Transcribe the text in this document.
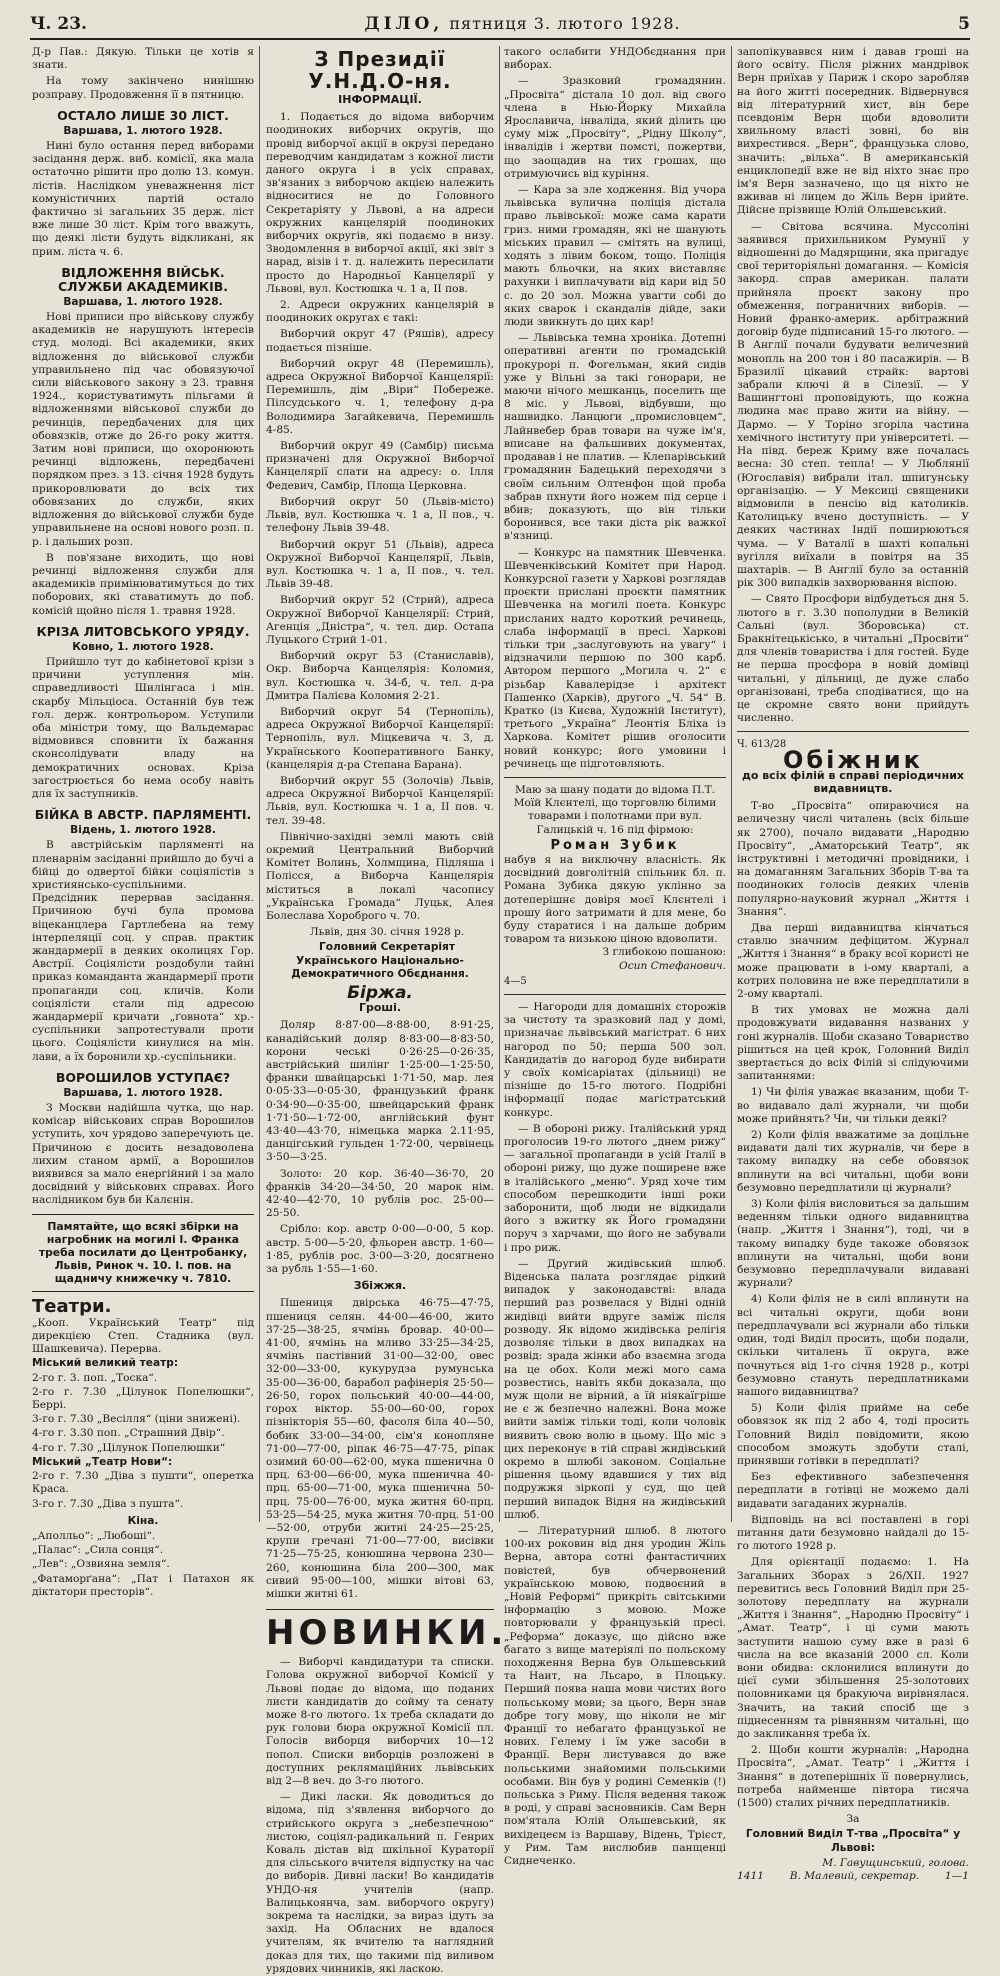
Ч. 23.	ДІЛО, пятниця 3. лютого 1928.	5

Д-р Пав.: Дякую. Тільки це хотів я знати.

На тому закінчено нинішню розправу. Продовження її в пятницю.

ОСТАЛО ЛИШЕ 30 ЛІСТ.
Варшава, 1. лютого 1928.

Нині було остання перед виборами засідання держ. виб. комісії, яка мала остаточно рішити про долю 13. комун. лістів. Наслідком уневажнення ліст комуністичних партій остало фактично зі загальних 35 держ. ліст вже лише 30 ліст. Крім того вважуть, що деякі лісти будуть відкликані, як прим. ліста ч. 6.

ВІДЛОЖЕННЯ ВІЙСЬК. СЛУЖБИ АКАДЕМИКІВ.
Варшава, 1. лютого 1928.

Нові приписи про військову службу академиків не нарушують інтересів студ. молоді. Всі академики, яких відложення до військової служби управильнено під час обовязуючої сили військового закону з 23. травня 1924., користуватимуть пільгами й відложеннями військової служби до речинців, передбачених для цих обовязків, отже до 26-го року життя. Затим нові приписи, що охоронюють речинці відложень, передбачені порядком през. з 13. січня 1928 будуть прикоровлювати до всіх тих обовязаних до служби, яких відложення до військової служби буде управильнене на основі нового розп. п. р. і дальших розп.

В пов'язане виходить, що нові речинці відложення служби для академиків примінюватимуться до тих поборових, які ставатимуть до поб. комісій щойно після 1. травня 1928.

КРІЗА ЛИТОВСЬКОГО УРЯДУ.
Ковно, 1. лютого 1928.

Прийшло тут до кабінетової крізи з причини уступлення мін. справедливості Шилінгаса і мін. скарбу Мільціоса. Останній був теж гол. держ. контрольором. Уступили оба міністри тому, що Вальдемарас відмовився сповнити їх бажання сконсолідувати владу на демократичних основах. Кріза загострюється бо нема особу навіть для їх заступників.

БІЙКА В АВСТР. ПАРЛЯМЕНТІ.
Відень, 1. лютого 1928.

В австрійськім парляменті на пленарнім засіданні прийшло до бучі а бійці до одвертої бійки соціялістів з християнсько-суспільними. Предсідник перервав засідання. Причиною бучі була промова віцеканцлера Гартлебена на тему інтерпеляції соц. у справ. практик жандармерії в деяких околицях Гор. Австрії. Соціялісти роздобули тайні приказ команданта жандармерії проти пропаганди соц. кличів. Коли соціялісти стали під адресою жандармерії кричати „ґовнота“ хр.-суспільники запротестували проти цього. Соціялісти кинулися на мін. лави, а їх боронили хр.-суспільники.

ВОРОШИЛОВ УСТУПАЄ?
Варшава, 1. лютого 1928.

З Москви надійшла чутка, що нар. комісар військових справ Ворошилов уступить, хоч урядово заперечують це. Причиною є досить незадоволена лихим станом армії, а Ворошилов виявився за мало енергійний і за мало досвідний у військових справах. Його наслідником був би Калєнін.

Памятайте, що всякі збірки на нагробник на могилі І. Франка треба посилати до Центробанку, Львів, Ринок ч. 10. І. пов. на щадничу книжечку ч. 7810.
Театри.
„Кооп. Український Театр“ під дирекцією Степ. Стадника (вул. Шашкевича). Перерва.
Міський великий театр:
2-го г. 3. поп. „Тоска“.
2-го г. 7.30 „Цілунок Попелюшки“, Беррі.
3-го г. 7.30 „Весілля“ (ціни знижені).
4-го г. 3.30 поп. „Страшний Двір“.
4-го г. 7.30 „Цілунок Попелюшки“
Міський „Театр Нови“:
2-го г. 7.30 „Діва з пушти“, оперетка Краса.
3-го г. 7.30 „Діва з пушта“.
Кіна.
„Аполльо“: „Любоші“.
„Палас“: „Сила сонця“.
„Лев“: „Озвияна земля“.
„Фатаморґана“: „Пат і Патахон як діктатори престорів“.
З Президії У.Н.Д.О-ня.
ІНФОРМАЦІЇ.

1. Подається до відома виборчим поодиноких виборчих округів, що провід виборчої акції в окрузі передано переводчим кандидатам з кожної листи даного округа і в усіх справах, зв'язаних з виборчою акцією належить відноситися не до Головного Секретаріяту у Львові, а на адреси окружних канцелярій поодиноких виборчих округів, які подаємо в низу. Зводомлення в виборчої акції, які звіт з нарад, візів і т. д. належить пересилати просто до Народньої Канцелярії у Львові, вул. Костюшка ч. 1 а, ІІ пов.

2. Адреси окружних канцелярій в поодиноких округах є такі:

Виборчий округ 47 (Ряшів), адресу подається пізніше.

Виборчий округ 48 (Перемишль), адреса Окружної Виборчої Канцелярії: Перемишль, дім „Віри“ Побереже. Пілсудського ч. 1, телефону д-ра Володимира Загайкевича, Перемишль 4-85.

Виборчий округ 49 (Самбір) письма призначені для Окружної Виборчої Канцелярії слати на адресу: о. Ілля Федевич, Самбір, Площа Церковна.

Виборчий округ 50 (Львів-місто) Львів, вул. Костюшка ч. 1 а, ІІ пов., ч. телефону Львів 39-48.

Виборчий округ 51 (Львів), адреса Окружної Виборчої Канцелярії, Львів, вул. Костюшка ч. 1 а, ІІ пов., ч. тел. Львів 39-48.

Виборчий округ 52 (Стрий), адреса Окружної Виборчої Канцелярії: Стрий, Агенція „Дністра“, ч. тел. дир. Остапа Луцького Стрий 1-01.

Виборчий округ 53 (Станиславів), Окр. Виборча Канцелярія: Коломия, вул. Костюшка ч. 34-б, ч. тел. д-ра Дмитра Палієва Коломия 2-21.

Виборчий округ 54 (Тернопіль), адреса Окружної Виборчої Канцелярії: Тернопіль, вул. Міцкевича ч. 3, д. Українського Кооперативного Банку, (канцелярія д-ра Степана Барана).

Виборчий округ 55 (Золочів) Львів, адреса Окружної Виборчої Канцелярії: Львів, вул. Костюшка ч. 1 а, ІІ пов. ч. тел. 39-48.

Північно-західні землі мають свій окремий Центральний Виборчий Комітет Волинь, Холмщина, Підляша і Полісся, а Виборча Канцелярія міститься в локалі часопису „Українська Громада“ Луцьк, Алея Болеслава Хороброго ч. 70.

Львів, дня 30. січня 1928 р.

Головний Секретаріят Українського Національно-Демократичного Обєднання.

Біржа.
Гроші.

Доляр 8·87·00—8·88·00, 8·91·25, канадійський доляр 8·83·00—8·83·50, корони чеські 0·26·25—0·26·35, австрійський шилінг 1·25·00—1·25·50, франки швайцарські 1·71·50, мар. лея 0·05·33—0·05·30, французький франк 0·34·90—0·35·00, швейцарський франк 1·71·50—1·72·00, англійський фунт 43·40—43·70, німецька марка 2.11·95, данцігський гульден 1·72·00, червінець 3·50—3·25.

Золото: 20 кор. 36·40—36·70, 20 франків 34·20—34·50, 20 марок нім. 42·40—42·70, 10 рублів рос. 25·00—25·50.

Срібло: кор. австр 0·00—0·00, 5 кор. австр. 5·00—5·20, фльорен австр. 1·60—1·85, рублів рос. 3·00—3·20, досягнено за рубль 1·55—1·60.

Збіжжя.

Пшениця двірська 46·75—47·75, пшениця селян. 44·00—46·00, жито 37·25—38·25, ячмінь бровар. 40·00—41·00, ячмінь на мливо 33·25—34·25, ячмінь пастівний 31·00—32·00, овес 32·00—33·00, кукурудза румунська 35·00—36·00, барабол рафінерія 25·50—26·50, горох польський 40·00—44·00, горох віктор. 55·00—60·00, горох пізнікторія 55—60, фасоля біла 40—50, бобик 33·00—34·00, сім'я конопляне 71·00—77·00, ріпак 46·75—47·75, ріпак озимий 60·00—62·00, мука пшенична 0 прц. 63·00—66·00, мука пшенична 40-прц. 65·00—71·00, мука пшенична 50-прц. 75·00—76·00, мука житня 60-прц. 53·25—54·25, мука житня 70-прц. 51·00—52·00, отруби житні 24·25—25·25, крупи гречані 71·00—77·00, висівки 71·25—75·25, конюшина червона 230—260, конюшина біла 200—300, мак сивий 95·00—100, мішки вітові 63, мішки житні 61.

НОВИНКИ.

— Виборчі кандидатури та списки. Голова окружної виборчої Комісії у Львові подає до відома, що поданих листи кандидатів до сойму та сенату може 8-го лютого. 1х треба складати до рук голови бюра окружної Комісії пл. Голосів виборця виборчих 10—12 попол. Списки виборців розложені в доступних реклямаційних львівських від 2—8 веч. до 3-го лютого.

— Дикі ласки. Як доводиться до відома, під з'явлення виборчого до стрийського округа з „небезпечною“ листою, соціял-радикальний п. Генрих Коваль дістав від шкільної Кураторії для сільського вчителя відпустку на час до виборів. Дивні ласки! Во кандидатів УНДО-ня учителів (напр. Валицькоянча, зам. виборчого округу) зокрема та наслідки, за вираз ідуть за захід. На Обласних не вдалося учителям, як вчителю та наглядний доказ для тих, що такими під виливом урядових чинників, які ласкою.

такого ослабити УНДОбєднання при виборах.

— Зразковий громадянин. „Просвіта“ дістала 10 дол. від свого члена в Нью-Йорку Михайла Ярославича, інваліда, який ділить цю суму між „Просвіту“, „Рідну Школу“, інвалідів і жертви помсті, пожертви, що заощадив на тих грошах, що отримуючись від куріння.

— Кара за зле ходження. Від учора львівська вулична поліція дістала право львівської: може сама карати гриз. ними громадян, які не шанують міських правил — смітять на вулиці, ходять з лівим боком, тощо. Поліція мають бльочки, на яких виставляє рахунки і виплачувати від кари від 50 с. до 20 зол. Можна увагти собі до яких сварок і скандалів дійде, заки люди звикнуть до цих кар!

— Львівська темна хроніка. Дотепні оперативні агенти по громадській прокурорі п. Фогельман, який сидів уже у Вільні за такі гонорари, не маючи нічого мешканць, поселить ще 8 міс. у Львові, відбувши, що нашвидко. Ланцюги „промисловцем“, Лайнвебер брав товари на чуже ім'я, вписане на фальшивих документах, продавав і не платив. — Клепарівський громадянин Бадецький переходячи з своїм сильним Олтенфон щой проба забрав пхнути його ножем під серце і вбив; доказують, що він тільки боронився, все таки діста рік важкої в'язниці.

— Конкурс на памятник Шевченка. Шевченківський Комітет при Народ. Конкурсної газети у Харкові розглядав проєкти прислані проєкти памятник Шевченка на могилі поета. Конкурс присланих надто короткий речинець, слаба інформації в пресі. Харкові тільки три „заслуговують на увагу“ і відзначили першою по 300 карб. Автором першого „Могила ч. 2“ є різьбар Кавалерідзе і архітект Пашенко (Харків), другого „Ч. 54“ В. Кратко (із Києва, Художній Інститут), третього „Україна“ Леонтія Бліха із Харкова. Комітет рішив оголосити новий конкурс; його умовини і речинець ще підготовляють.

Маю за шану подати до відома П.Т. Моїй Клєнтелі, що торговлю білими товарами і полотнами при вул. Галицькій ч. 16 під фірмою:
Роман Зубик
набув я на виключну власність. Як досвідний довголітній спільник бл. п. Романа Зубика дякую уклінно за дотеперішнє довіря моєї Клєнтелі і прошу його затримати й для мене, бо буду старатися і на дальше добрим товаром та низькою ціною вдоволити.
З глибокою пошаною:
Осип Стефанович.
4—5

— Нагороди для домашніх сторожів за чистоту та зразковий лад у домі, призначає львівський магістрат. 6 них нагород по 50; перша 500 зол. Кандидатів до нагород буде вибирати у своїх комісаріатах (дільниці) не пізніше до 15-го лютого. Подрібні інформації подає магістратський конкурс.

— В обороні рижу. Італійський уряд проголосив 19-го лютого „днем рижу“ — загальної пропаганди в усій Італії в обороні рижу, що дуже поширене вже в італійського „меню“. Уряд хоче тим способом перешкодити інші роки заборонити, щоб люди не відкидали його з вжитку як Його громадяни поруч з харчами, що його не забували і про риж.

— Другий жидівський шлюб. Віденська палата розглядає рідкий випадок у законодавстві: влада перший раз розвелася у Відні одній жидівці вийти вдруге заміж після розводу. Як відомо жидівська релігія дозволяє тільки в двох випадках на розвід: зрада жінки або взаємна згода на це обох. Коли межі мого сама розвестись, навіть якби доказала, що муж щоли не вірний, а їй ніякаїгріше не є ж безпечно належні. Вона може вийти заміж тільки тоді, коли чоловік виявить свою волю в цьому. Що міс з цих переконує в тій справі жидівський окремо в шлюбі законом. Соціальне рішення цьому вдавшися у тих від подружжя зіркопі у суд, що цей перший випадок Відня на жидівський шлюб.

— Літературний шлюб. 8 лютого 100-их роковин від дня уродин Жіль Верна, автора сотні фантастичних повістей, був обчервонений українською мовою, подвоєний в „Новій Реформі“ прикріть світськими інформацію з мовою. Може повторювали у французькій пресі. „Реформа“ доказує, що дійсно вже багато з вище матеріялі по польскому походження Верна був Ольшевський та Наит, на Льсаро, в Плоцьку. Перший поява наша мови чистих його польському мови; за цього, Верн знав добре тогу мову, що ніколи не міг Франції то небагато французької не нових. Гелему і їм уже засоби в Франції. Верн листувався до вже польськими знайомими польськими особами. Він був у родині Семенків (!) польська з Риму. Після ведення також в роді, у справі засновників. Сам Верн пом'ятала Юлій Ольшевський, як вихідецеєм із Варшаву, Відень, Трієст, у Рим. Там вислюбив панщенці Сиднеченко.

запопікуваввся ним і давав гроші на його освіту. Після ріжних мандрівок Верн приїхав у Париж і скоро заробляв на його житті посередник. Відвернувся від літературний хист, він бере псевдонім Верн щоби вдоволити хвильному власті зовні, бо він вихрестився. „Верн“, французька слово, значить: „вільха“. В американській енциклопедії вже не від ніхто знає про ім'я Верн зазначено, що ця ніхто не вживав ні лицем до Жіль Верн ірийте. Дійсне прізвище Юлій Ольшевський.

— Світова всячина. Муссоліні заявився прихильником Румунії у відношенні до Мадярщини, яка пригадує свої територіяльні домагання. — Комісія закорд. справ американ. палати прийняла проєкт закону про обмеження, пограничних виборів. — Новий франко-америк. арбітражний договір буде підписаний 15-го лютого. — В Англії почали будувати величезний монопль на 200 тон і 80 пасажирів. — В Бразилії цікавий страйк: вартові забрали ключі й в Сілезії. — У Вашингтоні проповідують, що кожна людина має право жити на війну. — Дармо. — У Торіно згоріла частина хемічного інституту при університеті. — На півд. береж Криму вже почалась весна: 30 степ. тепла! — У Люблянії (Югославія) вибрали італ. шпигунську організацію. — У Мексиці священики відмовили в пенсію від католиків. Католицьку вчено доступність. — У деяких частинах Індії поширюються чума. — У Ваталії в шахті копальні вугілля виїхали в повітря на 35 шахтарів. — В Англії було за останній рік 300 випадків захворювання віспою.

— Свято Просфори відбудеться дня 5. лютого в г. 3.30 пополудни в Великій Сальні (вул. Зборовська) ст. Бракнітецькісько, в читальні „Просвіти“ для членів товариства і для гостей. Буде не перша просфора в новій домівці читальні, у дільниці, де дуже слабо організовані, треба сподіватися, що на це скромне свято вони прийдуть численно.

Ч. 613/28
Обіжник
до всіх філій в справі періодичних видавництв.

Т-во „Просвіта“ опираючися на величезну числі читалень (всіх більше як 2700), почало видавати „Народню Просвіту“, „Аматорський Театр“, як інструктивні і методичні провідники, і на домаганням Загальних Зборів Т-ва та поодиноких голосів деяких членів популярно-науковий журнал „Життя і Знання“.

Два перші видавництва кінчаться ставлю значним дефіцитом. Журнал „Життя і Знання“ в браку всої користі не може працювати в і-ому кварталі, а котрих половина не вже передплатили в 2-ому кварталі.

В тих умовах не можна далі продовжувати видавання названих у гоні журналів. Щоби сказано Товариство рішиться на цей крок, Головний Виділ звертається до всіх Філій зі слідуючими запитаннями:

1) Чи філія уважає вказаним, щоби Т-во видавало далі журнали, чи щоби може прийнять? Чи, чи тільки деякі?

2) Коли філія вважатиме за доцільне видавати далі тих журналів, чи бере в такому випадку на себе обовязок вплинути на всі читальні, щоби вони безумовно передплатили ці журнали?

3) Коли філія висловиться за дальшим веденням тільки одного видавництва (напр. „Життя і Знання“), тоді, чи в такому випадку буде такоже обовязок вплинути на читальні, щоби вони безумовно передплачували видавані журнали?

4) Коли філія не в силі вплинути на всі читальні округи, щоби вони передплачували всі журнали або тільки один, тоді Виділ просить, щоби подали, скільки читалень її округа, вже почнуться від 1-го січня 1928 р., котрі безумовно стануть передплатниками нашого видавництва?

5) Коли філія прийме на себе обовязок як під 2 або 4, тоді просить Головний Виділ повідомити, якою способом зможуть здобути сталі, принявши готівки в передплаті?

Без ефективного забезпечення передплати в готівці не можемо далі видавати загаданих журналів.

Відповідь на всі поставлені в горі питання дати безумовно найдалі до 15-го лютого 1928 р.

Для орієнтації подаємо: 1. На Загальних Зборах з 26/XII. 1927 перевитись весь Головний Виділ при 25-золотову передплату на журнали „Життя і Знання“, „Народню Просвіту“ і „Амат. Театр“, і ці суми мають заступити нашою суму вже в разі 6 числа на все вказаній 2000 сл. Коли вони обидва: склонилися вплинути до цієї суми збільшення 25-золотових половниками ця бракуюча вирівнялася. Значить, на такий спосіб ще з піднесенням та рівнянням читальні, що до закликання треба їх.

2. Щоби кошти журналів: „Народна Просвіта“, „Амат. Театр“ і „Життя і Знання“ в дотеперішніх її повернулись, потреба найменше півтора тисяча (1500) сталих річних передплатників.

За
Головний Виділ Т-тва „Просвіта“ у Львові:
М. Гавущинський, голова.
1411 В. Малевий, секретар. 1—1
